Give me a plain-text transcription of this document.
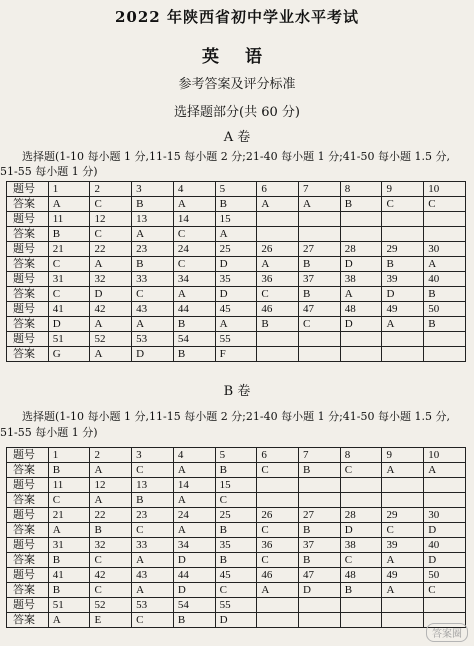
2022 年陕西省初中学业水平考试
英 语
参考答案及评分标准
选择题部分(共 60 分)
A 卷
选择题(1-10 每小题 1 分,11-15 每小题 2 分;21-40 每小题 1 分;41-50 每小题 1.5 分,
51-55 每小题 1 分)
题号	1	2	3	4	5	6	7	8	9	10
答案	A	C	B	A	B	A	A	B	C	C
题号	11	12	13	14	15					
答案	B	C	A	C	A					
题号	21	22	23	24	25	26	27	28	29	30
答案	C	A	B	C	D	A	B	D	B	A
题号	31	32	33	34	35	36	37	38	39	40
答案	C	D	C	A	D	C	B	A	D	B
题号	41	42	43	44	45	46	47	48	49	50
答案	D	A	A	B	A	B	C	D	A	B
题号	51	52	53	54	55					
答案	G	A	D	B	F					
B 卷
选择题(1-10 每小题 1 分,11-15 每小题 2 分;21-40 每小题 1 分;41-50 每小题 1.5 分,
51-55 每小题 1 分)
题号	1	2	3	4	5	6	7	8	9	10
答案	B	A	C	A	B	C	B	C	A	A
题号	11	12	13	14	15					
答案	C	A	B	A	C					
题号	21	22	23	24	25	26	27	28	29	30
答案	A	B	C	A	B	C	B	D	C	D
题号	31	32	33	34	35	36	37	38	39	40
答案	B	C	A	D	B	C	B	C	A	D
题号	41	42	43	44	45	46	47	48	49	50
答案	B	C	A	D	C	A	D	B	A	C
题号	51	52	53	54	55					
答案	A	E	C	B	D					
答案圈
